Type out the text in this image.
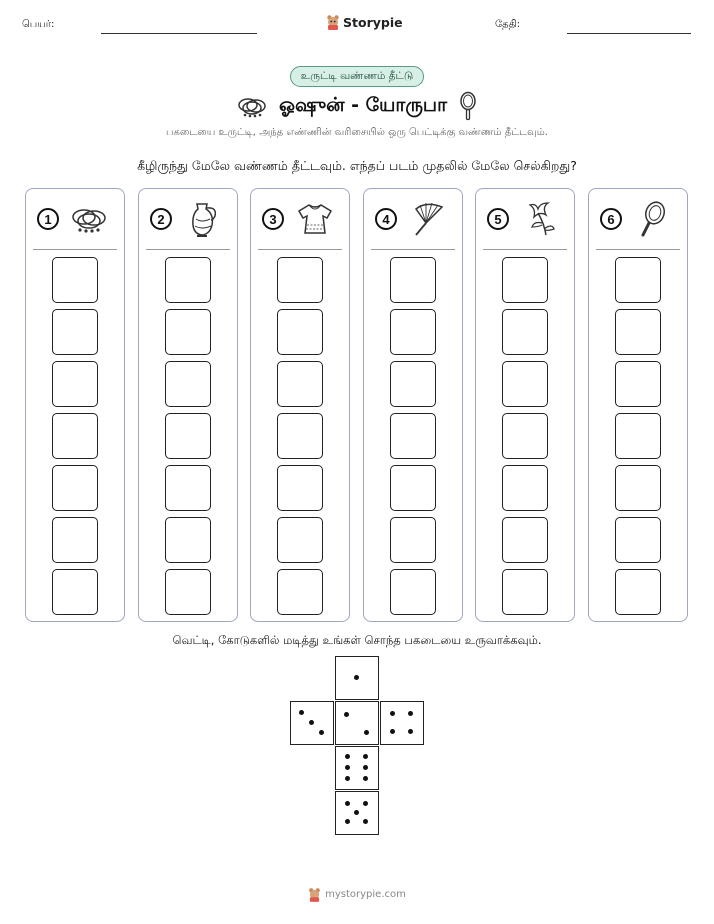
பெயர்:	Storypie	தேதி:
உருட்டி வண்ணம் தீட்டு
ஓஷுன் - யோருபா
பகடையை உருட்டி, அந்த எண்ணின் வரிசையில் ஒரு பெட்டிக்கு வண்ணம் தீட்டவும்.
கீழிருந்து மேலே வண்ணம் தீட்டவும். எந்தப் படம் முதலில் மேலே செல்கிறது?
1	2	3	4	5	6
வெட்டி, கோடுகளில் மடித்து உங்கள் சொந்த பகடையை உருவாக்கவும்.
mystorypie.com
